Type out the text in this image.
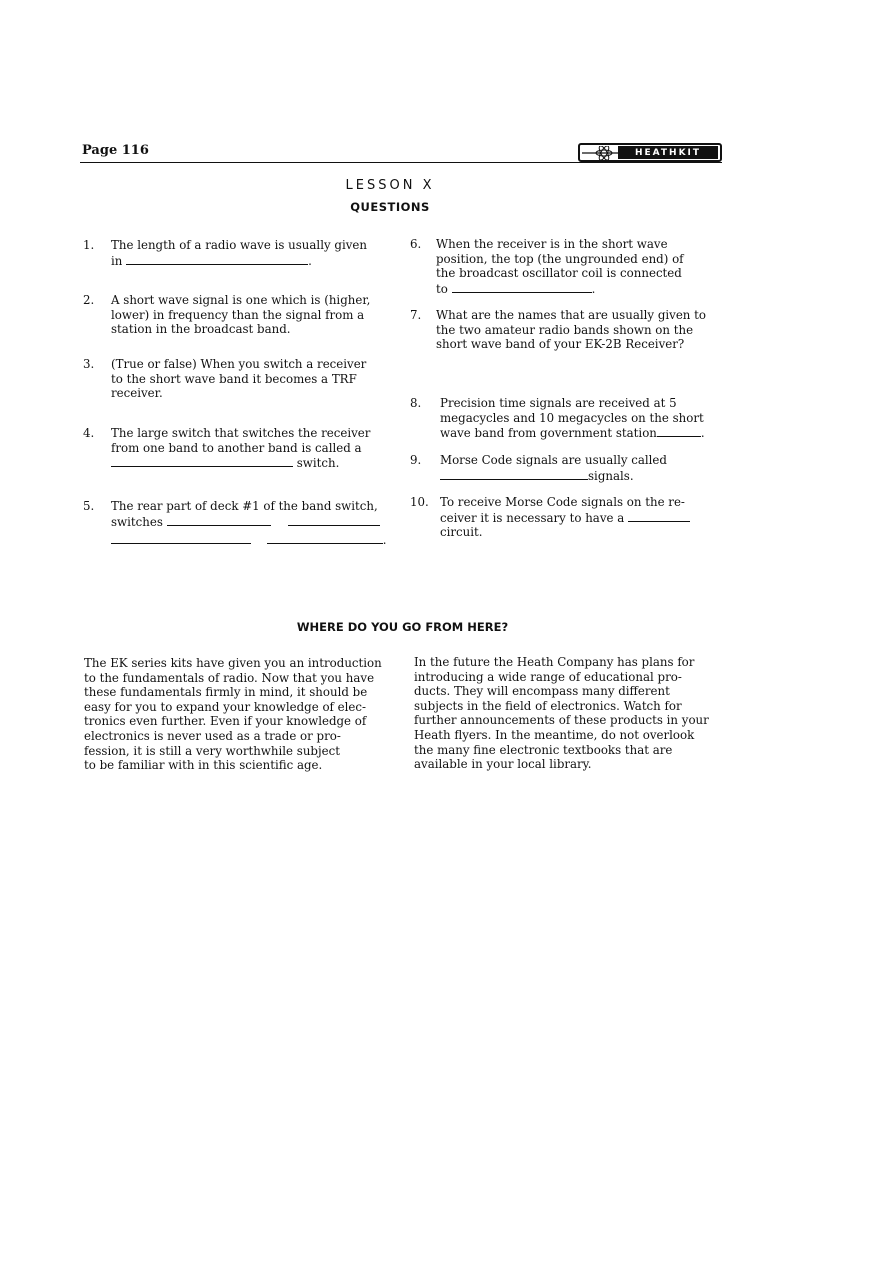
Page 116	HEATHKIT
LESSON X
QUESTIONS
1. The length of a radio wave is usually given
in	.
2. A short wave signal is one which is (higher,
lower) in frequency than the signal from a
station in the broadcast band.
3. (True or false) When you switch a receiver
to the short wave band it becomes a TRF
receiver.
4. The large switch that switches the receiver
from one band to another band is called a
switch.
5. The rear part of deck #1 of the band switch,
switches
.
6. When the receiver is in the short wave
position, the top (the ungrounded end) of
the broadcast oscillator coil is connected
to	.
7. What are the names that are usually given to
the two amateur radio bands shown on the
short wave band of your EK-2B Receiver?
8. Precision time signals are received at 5
megacycles and 10 megacycles on the short
wave band from government station	.
9. Morse Code signals are usually called
signals.
10. To receive Morse Code signals on the re-
ceiver it is necessary to have a
circuit.
WHERE DO YOU GO FROM HERE?
The EK series kits have given you an introduction
to the fundamentals of radio. Now that you have
these fundamentals firmly in mind, it should be
easy for you to expand your knowledge of elec-
tronics even further. Even if your knowledge of
electronics is never used as a trade or pro-
fession, it is still a very worthwhile subject
to be familiar with in this scientific age.
In the future the Heath Company has plans for
introducing a wide range of educational pro-
ducts. They will encompass many different
subjects in the field of electronics. Watch for
further announcements of these products in your
Heath flyers. In the meantime, do not overlook
the many fine electronic textbooks that are
available in your local library.
